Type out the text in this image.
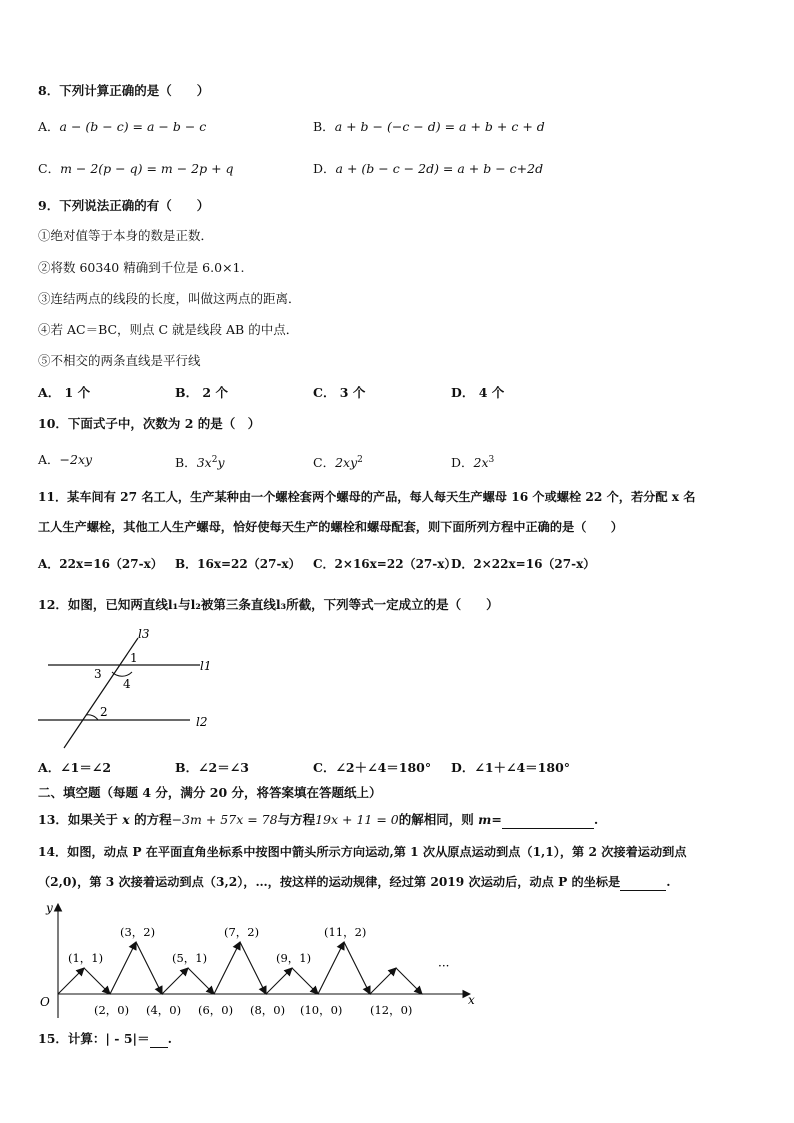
8．下列计算正确的是（　　）
A．a − (b − c) = a − b − c	B．a + b − (−c − d) = a + b + c + d
C．m − 2(p − q) = m − 2p + q	D．a + (b − c − 2d) = a + b − c+2d
9．下列说法正确的有（　　）
①绝对值等于本身的数是正数．
②将数 60340 精确到千位是 6.0×1.
③连结两点的线段的长度，叫做这两点的距离．
④若 AC＝BC，则点 C 就是线段 AB 的中点．
⑤不相交的两条直线是平行线
A． 1 个	B． 2 个	C． 3 个	D． 4 个
10．下面式子中，次数为 2 的是（　）
A．−2xy	B．$3x^2y$	C．$2xy^2$	D．$2x^3$
11．某车间有 27 名工人，生产某种由一个螺栓套两个螺母的产品，每人每天生产螺母 16 个或螺栓 22 个，若分配 x 名
工人生产螺栓，其他工人生产螺母，恰好使每天生产的螺栓和螺母配套，则下面所列方程中正确的是（　　）
A．22x=16（27-x） B．16x=22（27-x） C．2×16x=22（27-x）
D．2×22x=16（27-x）
12．如图，已知两直线l₁与l₂被第三条直线l₃所截，下列等式一定成立的是（　　）
l3
l1
l2
1
3
4
2
A．∠1＝∠2	B．∠2＝∠3	C．∠2＋∠4＝180° D．∠1＋∠4＝180°
二、填空题（每题 4 分，满分 20 分，将答案填在答题纸上）
13．如果关于 x 的方程−3m + 57x = 78与方程19x + 11 = 0的解相同，则 m=	.
14．如图，动点 P 在平面直角坐标系中按图中箭头所示方向运动,第 1 次从原点运动到点（1,1），第 2 次接着运动到点
（2,0)，第 3 次接着运动到点（3,2），…，按这样的运动规律，经过第 2019 次运动后，动点 P 的坐标是	.
y
x
O
(1，1)
(3，2)
(5，1)
(7，2)
(9，1)
(11，2)
···
(2，0) (4，0) (6，0) (8，0) (10，0) (12，0)
15．计算：| - 5|＝ .
